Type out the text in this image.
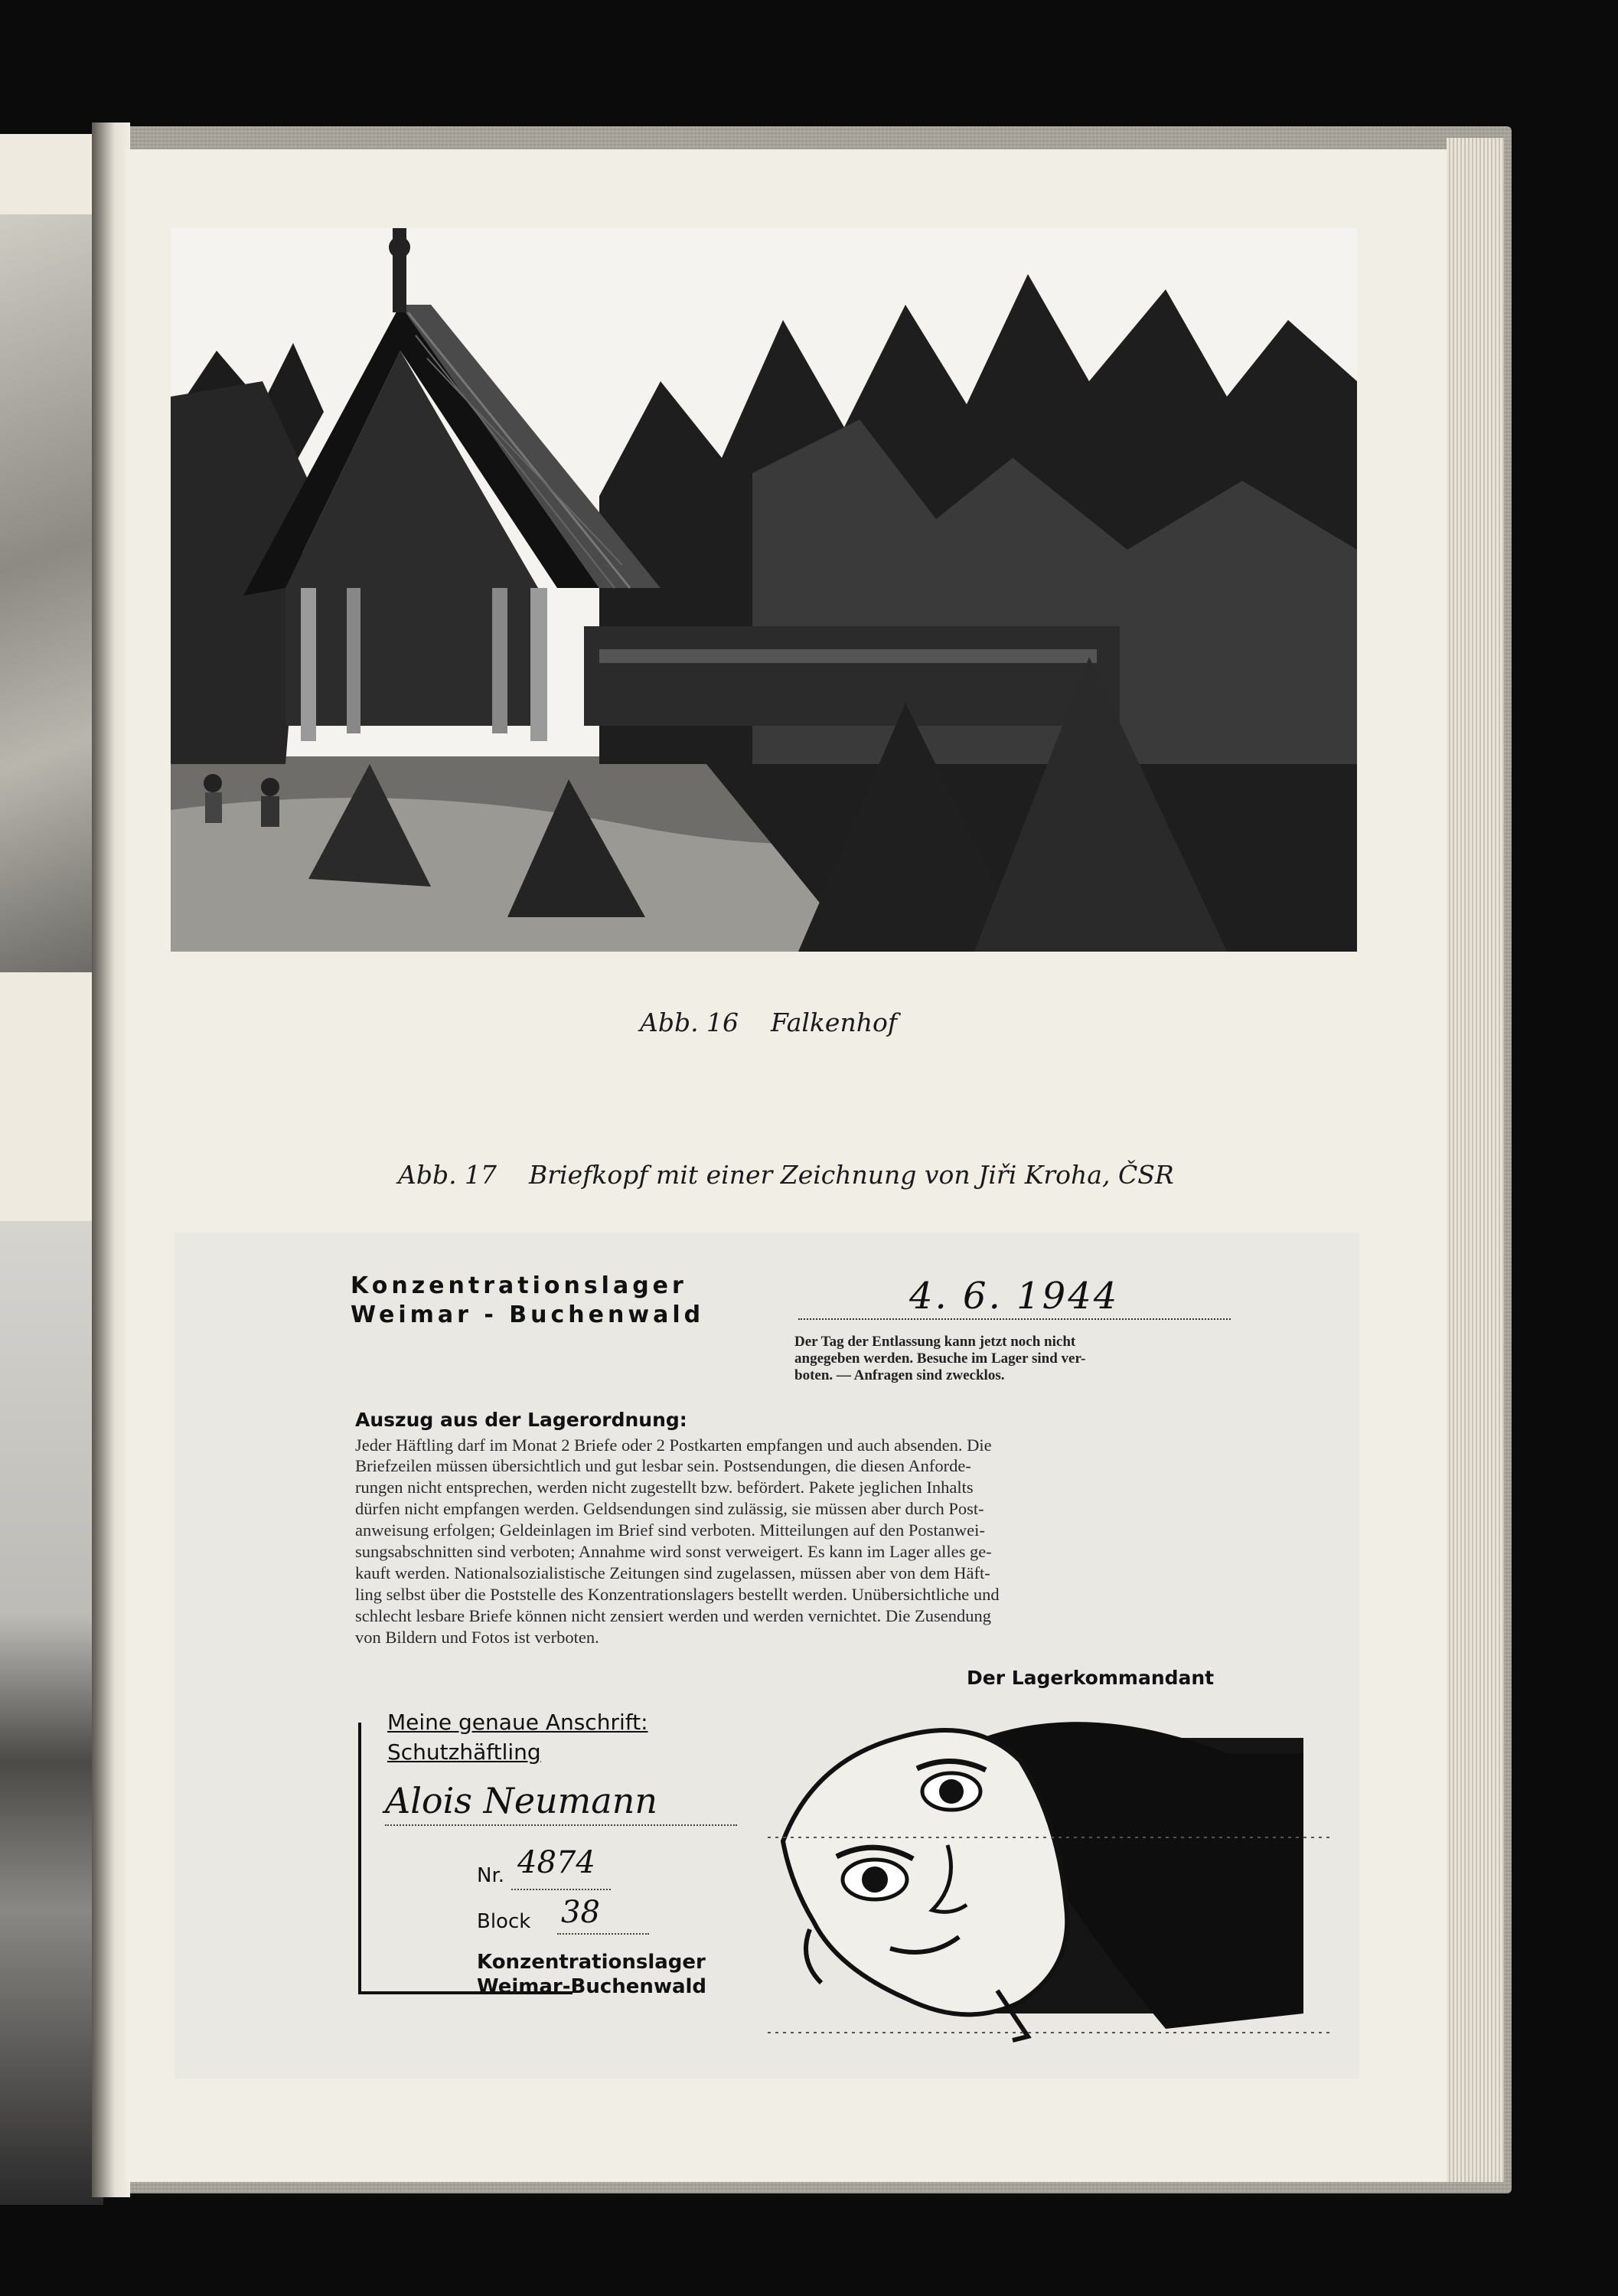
Abb. 16 Falkenhof
Abb. 17 Briefkopf mit einer Zeichnung von Jiři Kroha, ČSR
Konzentrationslager
Weimar - Buchenwald	4. 6. 1944
Der Tag der Entlassung kann jetzt noch nicht
angegeben werden. Besuche im Lager sind ver-
boten. — Anfragen sind zwecklos.
Auszug aus der Lagerordnung:
Jeder Häftling darf im Monat 2 Briefe oder 2 Postkarten empfangen und auch absenden. Die
Briefzeilen müssen übersichtlich und gut lesbar sein. Postsendungen, die diesen Anforde-
rungen nicht entsprechen, werden nicht zugestellt bzw. befördert. Pakete jeglichen Inhalts
dürfen nicht empfangen werden. Geldsendungen sind zulässig, sie müssen aber durch Post-
anweisung erfolgen; Geldeinlagen im Brief sind verboten. Mitteilungen auf den Postanwei-
sungsabschnitten sind verboten; Annahme wird sonst verweigert. Es kann im Lager alles ge-
kauft werden. Nationalsozialistische Zeitungen sind zugelassen, müssen aber von dem Häft-
ling selbst über die Poststelle des Konzentrationslagers bestellt werden. Unübersichtliche und
schlecht lesbare Briefe können nicht zensiert werden und werden vernichtet. Die Zusendung
von Bildern und Fotos ist verboten.
Der Lagerkommandant
Meine genaue Anschrift:
Schutzhäftling
Alois Neumann
Nr. 4874
Block 38
Konzentrationslager
Weimar-Buchenwald
